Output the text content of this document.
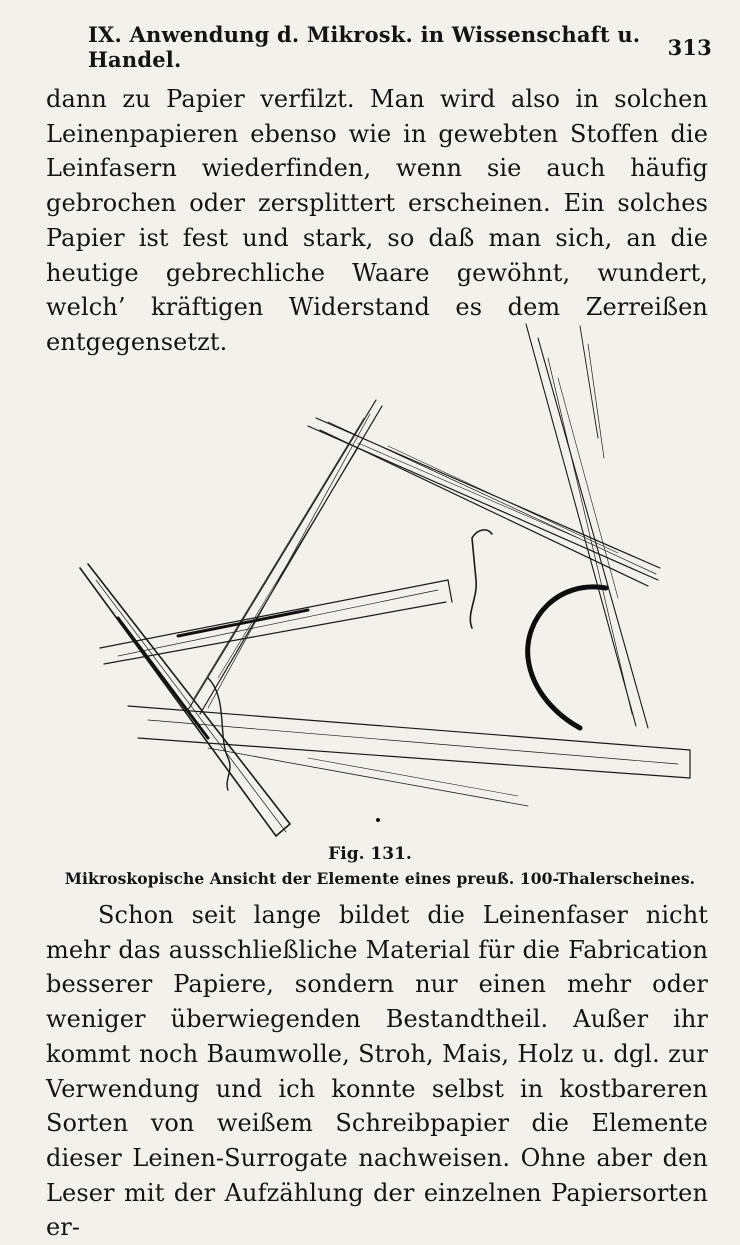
IX. Anwendung d. Mikrosk. in Wissenschaft u. Handel.	313
dann zu Papier verfilzt. Man wird also in solchen Leinenpapieren ebenso wie in gewebten Stoffen die Leinfasern wiederfinden, wenn sie auch häufig gebrochen oder zersplittert erscheinen. Ein solches Papier ist fest und stark, so daß man sich, an die heutige gebrechliche Waare gewöhnt, wundert, welch’ kräftigen Widerstand es dem Zerreißen entgegensetzt.
Fig. 131.
Mikroskopische Ansicht der Elemente eines preuß. 100-Thalerscheines.
Schon seit lange bildet die Leinenfaser nicht mehr das ausschließliche Material für die Fabrication besserer Papiere, sondern nur einen mehr oder weniger überwiegenden Bestandtheil. Außer ihr kommt noch Baumwolle, Stroh, Mais, Holz u. dgl. zur Verwendung und ich konnte selbst in kostbareren Sorten von weißem Schreibpapier die Elemente dieser Leinen-Surrogate nachweisen. Ohne aber den Leser mit der Aufzählung der einzelnen Papiersorten er-
